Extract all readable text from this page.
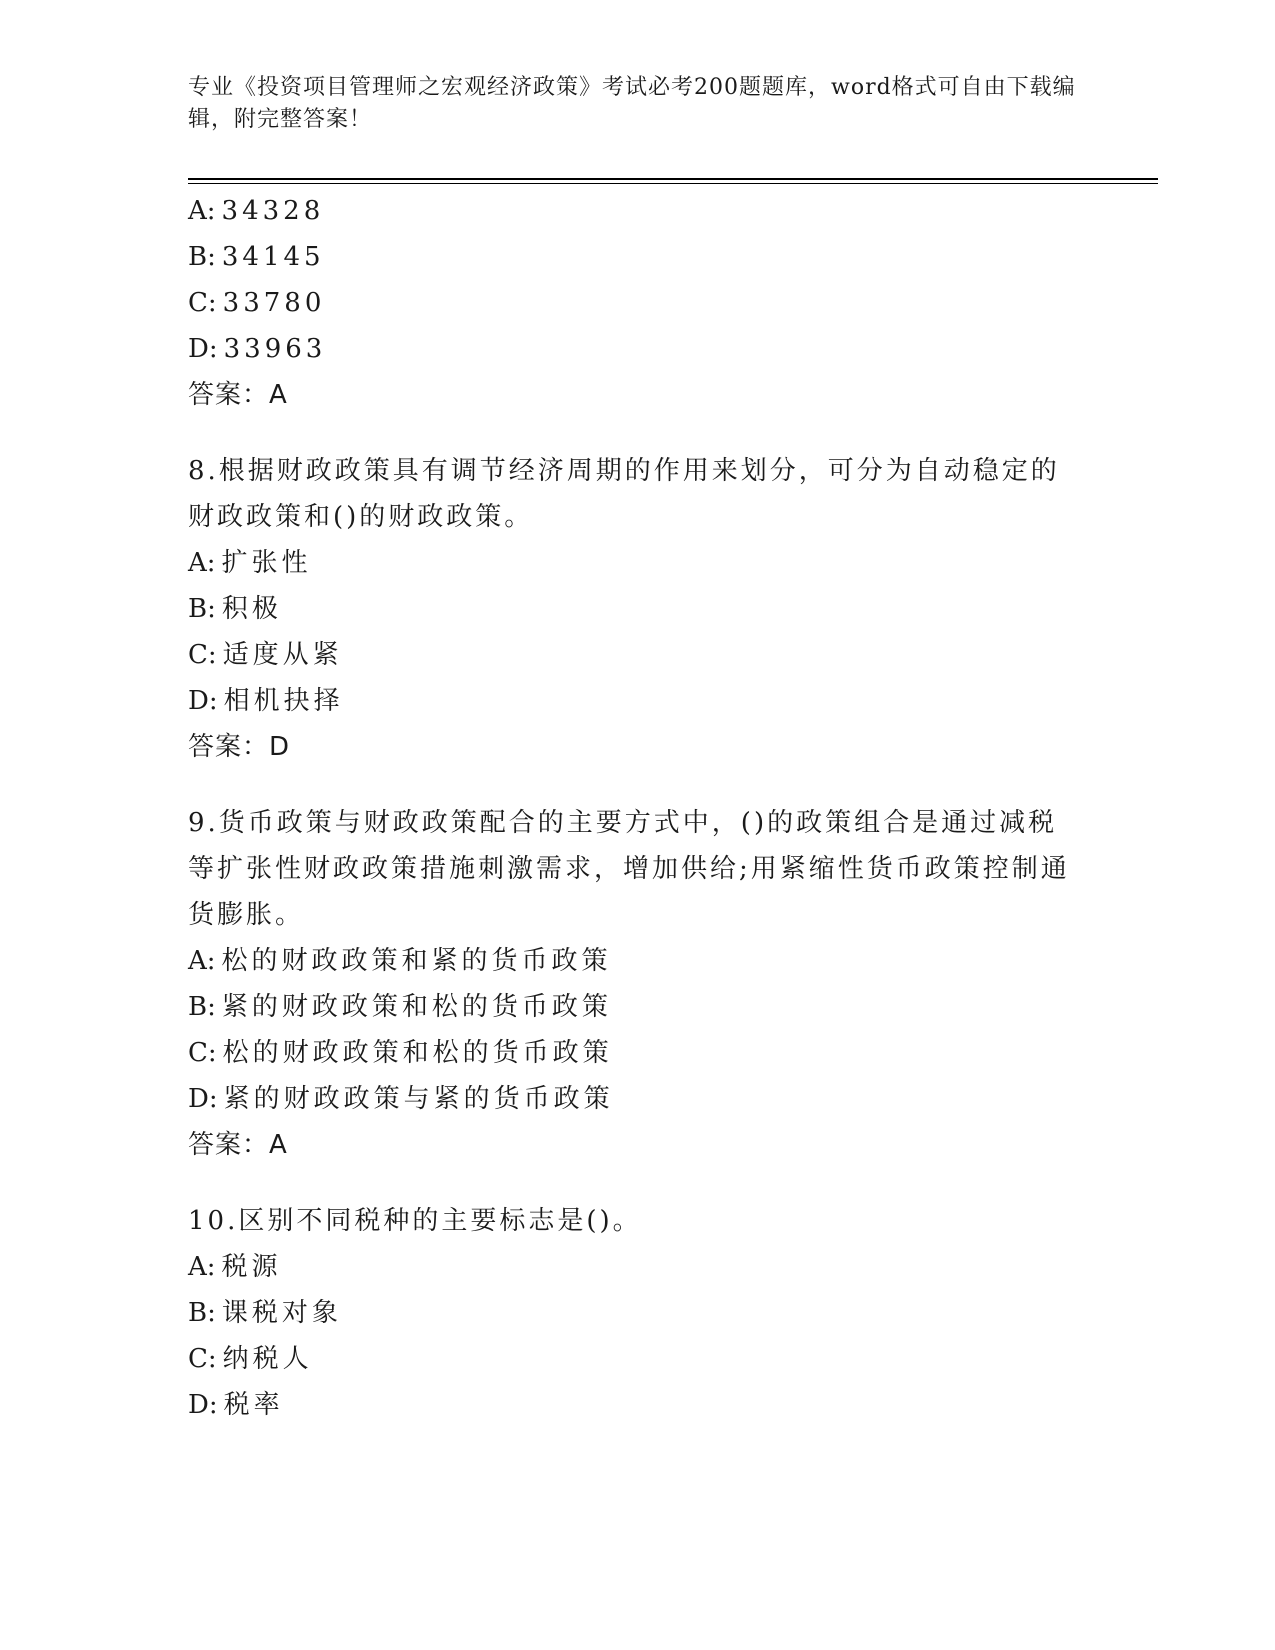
专业《投资项目管理师之宏观经济政策》考试必考200题题库，word格式可自由下载编辑，附完整答案！

A: 34328

B: 34145

C: 33780

D: 33963

答案：A

8.根据财政政策具有调节经济周期的作用来划分，可分为自动稳定的

财政政策和()的财政政策。

A: 扩张性

B: 积极

C: 适度从紧

D: 相机抉择

答案：D

9.货币政策与财政政策配合的主要方式中，()的政策组合是通过减税

等扩张性财政政策措施刺激需求，增加供给;用紧缩性货币政策控制通

货膨胀。

A: 松的财政政策和紧的货币政策

B: 紧的财政政策和松的货币政策

C: 松的财政政策和松的货币政策

D: 紧的财政政策与紧的货币政策

答案：A

10.区别不同税种的主要标志是()。

A: 税源

B: 课税对象

C: 纳税人

D: 税率
